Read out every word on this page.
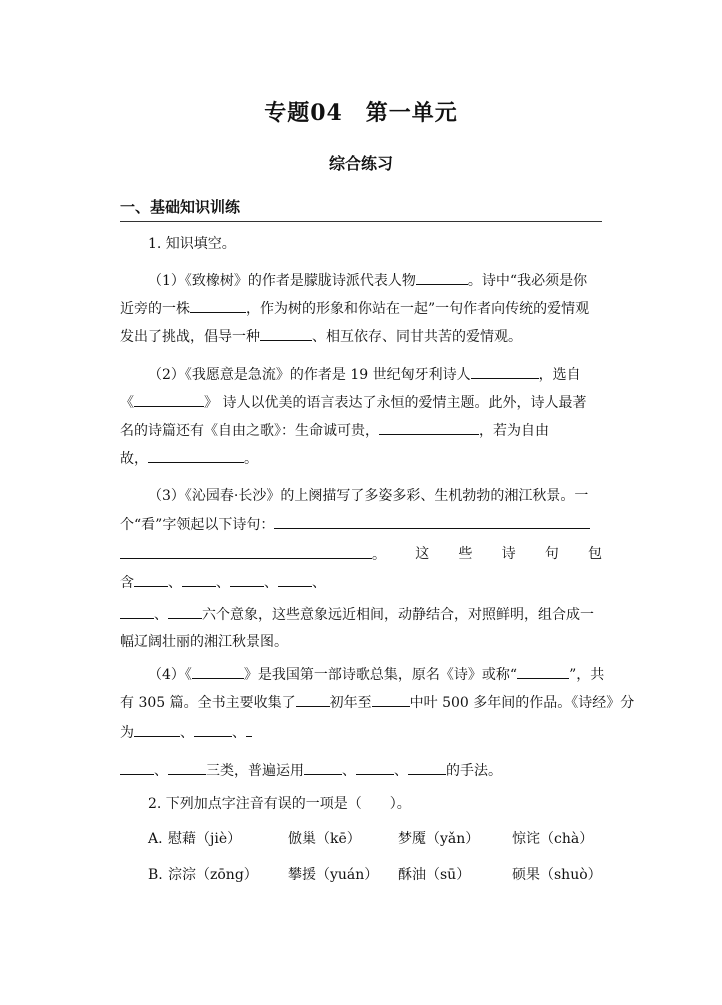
专题04　第一单元
综合练习
一、基础知识训练

1. 知识填空。

（1）《致橡树》的作者是朦胧诗派代表人物	。诗中“我必须是你

近旁的一株	，作为树的形象和你站在一起”一句作者向传统的爱情观

发出了挑战，倡导一种	、相互依存、同甘共苦的爱情观。

（2）《我愿意是急流》的作者是 19 世纪匈牙利诗人	，选自

《	》 诗人以优美的语言表达了永恒的爱情主题。此外，诗人最著

名的诗篇还有《自由之歌》：生命诚可贵，	，若为自由

故，	。

（3）《沁园春·长沙》的上阕描写了多姿多彩、生机勃勃的湘江秋景。一

个“看”字领起以下诗句：

。 这 些 诗 句 包

含 、 、 、 、

、 六个意象，这些意象远近相间，动静结合，对照鲜明，组合成一

幅辽阔壮丽的湘江秋景图。

（4）《	》是我国第一部诗歌总集，原名《诗》或称“	”，共

有 305 篇。全书主要收集了 初年至	中叶 500 多年间的作品。《诗经》分

为	、	、

、	三类，普遍运用	、	、	的手法。

2. 下列加点字注音有误的一项是（　　）。

A. 慰藉（jiè）	倣巢（kē）	梦魇（yǎn） 惊诧（chà）
B. 淙淙（zōng） 攀援（yuán） 酥油（sū）	硕果（shuò）
